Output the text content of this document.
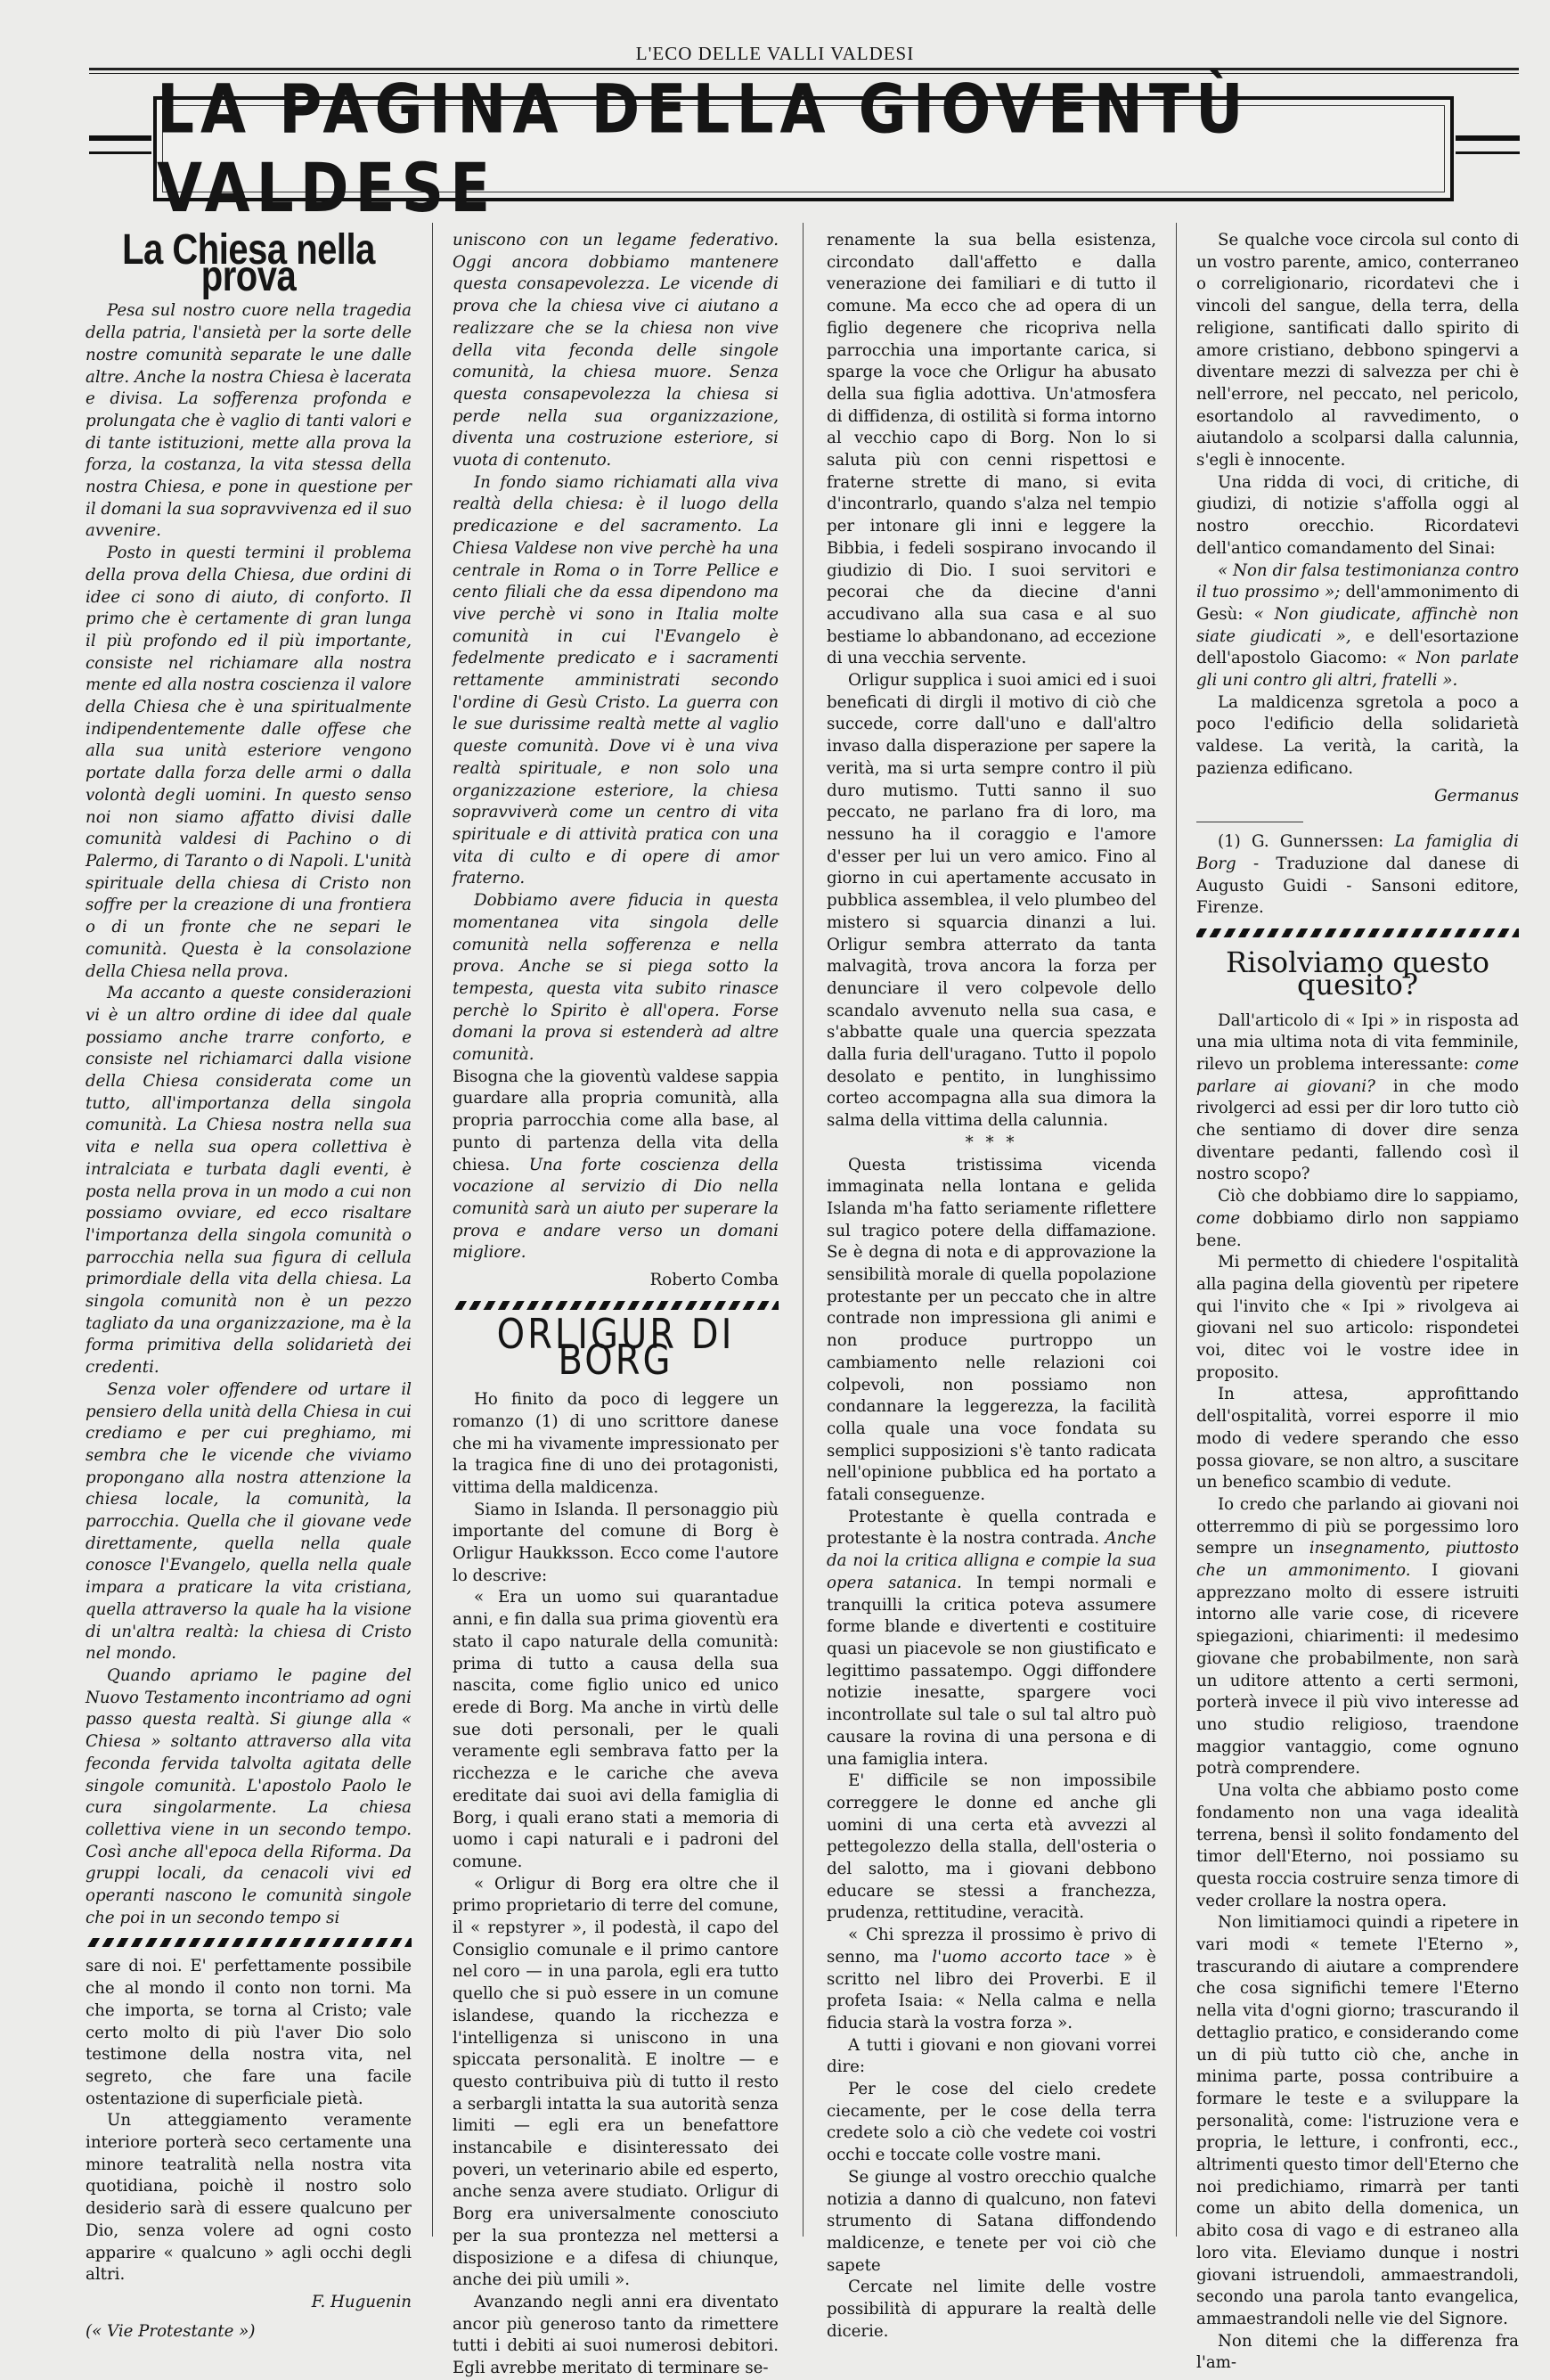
L'ECO DELLE VALLI VALDESI
LA PAGINA DELLA GIOVENTÙ VALDESE
La Chiesa nella prova

Pesa sul nostro cuore nella tragedia della patria, l'ansietà per la sorte delle nostre comunità separate le une dalle altre. Anche la nostra Chiesa è lacerata e divisa. La sofferenza profonda e prolungata che è vaglio di tanti valori e di tante istituzioni, mette alla prova la forza, la costanza, la vita stessa della nostra Chiesa, e pone in questione per il domani la sua sopravvivenza ed il suo avvenire.

Posto in questi termini il problema della prova della Chiesa, due ordini di idee ci sono di aiuto, di conforto. Il primo che è certamente di gran lunga il più profondo ed il più importante, consiste nel richiamare alla nostra mente ed alla nostra coscienza il valore della Chiesa che è una spiritualmente indipendentemente dalle offese che alla sua unità esteriore vengono portate dalla forza delle armi o dalla volontà degli uomini. In questo senso noi non siamo affatto divisi dalle comunità valdesi di Pachino o di Palermo, di Taranto o di Napoli. L'unità spirituale della chiesa di Cristo non soffre per la creazione di una frontiera o di un fronte che ne separi le comunità. Questa è la consolazione della Chiesa nella prova.

Ma accanto a queste considerazioni vi è un altro ordine di idee dal quale possiamo anche trarre conforto, e consiste nel richiamarci dalla visione della Chiesa considerata come un tutto, all'importanza della singola comunità. La Chiesa nostra nella sua vita e nella sua opera collettiva è intralciata e turbata dagli eventi, è posta nella prova in un modo a cui non possiamo ovviare, ed ecco risaltare l'importanza della singola comunità o parrocchia nella sua figura di cellula primordiale della vita della chiesa. La singola comunità non è un pezzo tagliato da una organizzazione, ma è la forma primitiva della solidarietà dei credenti.

Senza voler offendere od urtare il pensiero della unità della Chiesa in cui crediamo e per cui preghiamo, mi sembra che le vicende che viviamo propongano alla nostra attenzione la chiesa locale, la comunità, la parrocchia. Quella che il giovane vede direttamente, quella nella quale conosce l'Evangelo, quella nella quale impara a praticare la vita cristiana, quella attraverso la quale ha la visione di un'altra realtà: la chiesa di Cristo nel mondo.

Quando apriamo le pagine del Nuovo Testamento incontriamo ad ogni passo questa realtà. Si giunge alla « Chiesa » soltanto attraverso alla vita feconda fervida talvolta agitata delle singole comunità. L'apostolo Paolo le cura singolarmente. La chiesa collettiva viene in un secondo tempo. Così anche all'epoca della Riforma. Da gruppi locali, da cenacoli vivi ed operanti nascono le comunità singole che poi in un secondo tempo si

sare di noi. E' perfettamente possibile che al mondo il conto non torni. Ma che importa, se torna al Cristo; vale certo molto di più l'aver Dio solo testimone della nostra vita, nel segreto, che fare una facile ostentazione di superficiale pietà.

Un atteggiamento veramente interiore porterà seco certamente una minore teatralità nella nostra vita quotidiana, poichè il nostro solo desiderio sarà di essere qualcuno per Dio, senza volere ad ogni costo apparire « qualcuno » agli occhi degli altri.

F. Huguenin

(« Vie Protestante »)

uniscono con un legame federativo. Oggi ancora dobbiamo mantenere questa consapevolezza. Le vicende di prova che la chiesa vive ci aiutano a realizzare che se la chiesa non vive della vita feconda delle singole comunità, la chiesa muore. Senza questa consapevolezza la chiesa si perde nella sua organizzazione, diventa una costruzione esteriore, si vuota di contenuto.

In fondo siamo richiamati alla viva realtà della chiesa: è il luogo della predicazione e del sacramento. La Chiesa Valdese non vive perchè ha una centrale in Roma o in Torre Pellice e cento filiali che da essa dipendono ma vive perchè vi sono in Italia molte comunità in cui l'Evangelo è fedelmente predicato e i sacramenti rettamente amministrati secondo l'ordine di Gesù Cristo. La guerra con le sue durissime realtà mette al vaglio queste comunità. Dove vi è una viva realtà spirituale, e non solo una organizzazione esteriore, la chiesa sopravviverà come un centro di vita spirituale e di attività pratica con una vita di culto e di opere di amor fraterno.

Dobbiamo avere fiducia in questa momentanea vita singola delle comunità nella sofferenza e nella prova. Anche se si piega sotto la tempesta, questa vita subito rinasce perchè lo Spirito è all'opera. Forse domani la prova si estenderà ad altre comunità.

Bisogna che la gioventù valdese sappia guardare alla propria comunità, alla propria parrocchia come alla base, al punto di partenza della vita della chiesa. Una forte coscienza della vocazione al servizio di Dio nella comunità sarà un aiuto per superare la prova e andare verso un domani migliore.

Roberto Comba

ORLIGUR DI BORG

Ho finito da poco di leggere un romanzo (1) di uno scrittore danese che mi ha vivamente impressionato per la tragica fine di uno dei protagonisti, vittima della maldicenza.

Siamo in Islanda. Il personaggio più importante del comune di Borg è Orligur Haukksson. Ecco come l'autore lo descrive:

« Era un uomo sui quarantadue anni, e fin dalla sua prima gioventù era stato il capo naturale della comunità: prima di tutto a causa della sua nascita, come figlio unico ed unico erede di Borg. Ma anche in virtù delle sue doti personali, per le quali veramente egli sembrava fatto per la ricchezza e le cariche che aveva ereditate dai suoi avi della famiglia di Borg, i quali erano stati a memoria di uomo i capi naturali e i padroni del comune.

« Orligur di Borg era oltre che il primo proprietario di terre del comune, il « repstyrer », il podestà, il capo del Consiglio comunale e il primo cantore nel coro — in una parola, egli era tutto quello che si può essere in un comune islandese, quando la ricchezza e l'intelligenza si uniscono in una spiccata personalità. E inoltre — e questo contribuiva più di tutto il resto a serbargli intatta la sua autorità senza limiti — egli era un benefattore instancabile e disinteressato dei poveri, un veterinario abile ed esperto, anche senza avere studiato. Orligur di Borg era universalmente conosciuto per la sua prontezza nel mettersi a disposizione e a difesa di chiunque, anche dei più umili ».

Avanzando negli anni era diventato ancor più generoso tanto da rimettere tutti i debiti ai suoi numerosi debitori. Egli avrebbe meritato di terminare se-

renamente la sua bella esistenza, circondato dall'affetto e dalla venerazione dei familiari e di tutto il comune. Ma ecco che ad opera di un figlio degenere che ricopriva nella parrocchia una importante carica, si sparge la voce che Orligur ha abusato della sua figlia adottiva. Un'atmosfera di diffidenza, di ostilità si forma intorno al vecchio capo di Borg. Non lo si saluta più con cenni rispettosi e fraterne strette di mano, si evita d'incontrarlo, quando s'alza nel tempio per intonare gli inni e leggere la Bibbia, i fedeli sospirano invocando il giudizio di Dio. I suoi servitori e pecorai che da diecine d'anni accudivano alla sua casa e al suo bestiame lo abbandonano, ad eccezione di una vecchia servente.

Orligur supplica i suoi amici ed i suoi beneficati di dirgli il motivo di ciò che succede, corre dall'uno e dall'altro invaso dalla disperazione per sapere la verità, ma si urta sempre contro il più duro mutismo. Tutti sanno il suo peccato, ne parlano fra di loro, ma nessuno ha il coraggio e l'amore d'esser per lui un vero amico. Fino al giorno in cui apertamente accusato in pubblica assemblea, il velo plumbeo del mistero si squarcia dinanzi a lui. Orligur sembra atterrato da tanta malvagità, trova ancora la forza per denunciare il vero colpevole dello scandalo avvenuto nella sua casa, e s'abbatte quale una quercia spezzata dalla furia dell'uragano. Tutto il popolo desolato e pentito, in lunghissimo corteo accompagna alla sua dimora la salma della vittima della calunnia.

* * *

Questa tristissima vicenda immaginata nella lontana e gelida Islanda m'ha fatto seriamente riflettere sul tragico potere della diffamazione. Se è degna di nota e di approvazione la sensibilità morale di quella popolazione protestante per un peccato che in altre contrade non impressiona gli animi e non produce purtroppo un cambiamento nelle relazioni coi colpevoli, non possiamo non condannare la leggerezza, la facilità colla quale una voce fondata su semplici supposizioni s'è tanto radicata nell'opinione pubblica ed ha portato a fatali conseguenze.

Protestante è quella contrada e protestante è la nostra contrada. Anche da noi la critica alligna e compie la sua opera satanica. In tempi normali e tranquilli la critica poteva assumere forme blande e divertenti e costituire quasi un piacevole se non giustificato e legittimo passatempo. Oggi diffondere notizie inesatte, spargere voci incontrollate sul tale o sul tal altro può causare la rovina di una persona e di una famiglia intera.

E' difficile se non impossibile correggere le donne ed anche gli uomini di una certa età avvezzi al pettegolezzo della stalla, dell'osteria o del salotto, ma i giovani debbono educare se stessi a franchezza, prudenza, rettitudine, veracità.

« Chi sprezza il prossimo è privo di senno, ma l'uomo accorto tace » è scritto nel libro dei Proverbi. E il profeta Isaia: « Nella calma e nella fiducia starà la vostra forza ».

A tutti i giovani e non giovani vorrei dire:

Per le cose del cielo credete ciecamente, per le cose della terra credete solo a ciò che vedete coi vostri occhi e toccate colle vostre mani.

Se giunge al vostro orecchio qualche notizia a danno di qualcuno, non fatevi strumento di Satana diffondendo maldicenze, e tenete per voi ciò che sapete

Cercate nel limite delle vostre possibilità di appurare la realtà delle dicerie.

Se qualche voce circola sul conto di un vostro parente, amico, conterraneo o correligionario, ricordatevi che i vincoli del sangue, della terra, della religione, santificati dallo spirito di amore cristiano, debbono spingervi a diventare mezzi di salvezza per chi è nell'errore, nel peccato, nel pericolo, esortandolo al ravvedimento, o aiutandolo a scolparsi dalla calunnia, s'egli è innocente.

Una ridda di voci, di critiche, di giudizi, di notizie s'affolla oggi al nostro orecchio. Ricordatevi dell'antico comandamento del Sinai:

« Non dir falsa testimonianza contro il tuo prossimo »; dell'ammonimento di Gesù: « Non giudicate, affinchè non siate giudicati », e dell'esortazione dell'apostolo Giacomo: « Non parlate gli uni contro gli altri, fratelli ».

La maldicenza sgretola a poco a poco l'edificio della solidarietà valdese. La verità, la carità, la pazienza edificano.

Germanus

(1) G. Gunnerssen: La famiglia di Borg - Traduzione dal danese di Augusto Guidi - Sansoni editore, Firenze.

Risolviamo questo quesito?

Dall'articolo di « Ipi » in risposta ad una mia ultima nota di vita femminile, rilevo un problema interessante: come parlare ai giovani? in che modo rivolgerci ad essi per dir loro tutto ciò che sentiamo di dover dire senza diventare pedanti, fallendo così il nostro scopo?

Ciò che dobbiamo dire lo sappiamo, come dobbiamo dirlo non sappiamo bene.

Mi permetto di chiedere l'ospitalità alla pagina della gioventù per ripetere qui l'invito che « Ipi » rivolgeva ai giovani nel suo articolo: rispondetei voi, ditec voi le vostre idee in proposito.

In attesa, approfittando dell'ospitalità, vorrei esporre il mio modo di vedere sperando che esso possa giovare, se non altro, a suscitare un benefico scambio di vedute.

Io credo che parlando ai giovani noi otterremmo di più se porgessimo loro sempre un insegnamento, piuttosto che un ammonimento. I giovani apprezzano molto di essere istruiti intorno alle varie cose, di ricevere spiegazioni, chiarimenti: il medesimo giovane che probabilmente, non sarà un uditore attento a certi sermoni, porterà invece il più vivo interesse ad uno studio religioso, traendone maggior vantaggio, come ognuno potrà comprendere.

Una volta che abbiamo posto come fondamento non una vaga idealità terrena, bensì il solito fondamento del timor dell'Eterno, noi possiamo su questa roccia costruire senza timore di veder crollare la nostra opera.

Non limitiamoci quindi a ripetere in vari modi « temete l'Eterno », trascurando di aiutare a comprendere che cosa significhi temere l'Eterno nella vita d'ogni giorno; trascurando il dettaglio pratico, e considerando come un di più tutto ciò che, anche in minima parte, possa contribuire a formare le teste e a sviluppare la personalità, come: l'istruzione vera e propria, le letture, i confronti, ecc., altrimenti questo timor dell'Eterno che noi predichiamo, rimarrà per tanti come un abito della domenica, un abito cosa di vago e di estraneo alla loro vita. Eleviamo dunque i nostri giovani istruendoli, ammaestrandoli, secondo una parola tanto evangelica, ammaestrandoli nelle vie del Signore.

Non ditemi che la differenza fra l'am-
